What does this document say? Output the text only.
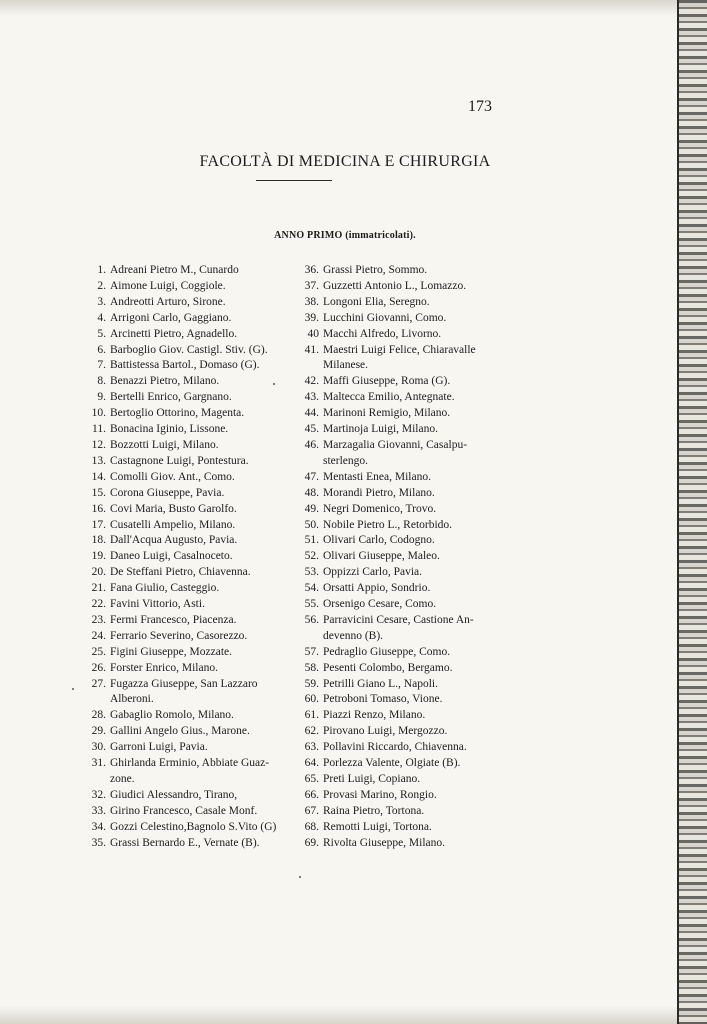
173
FACOLTÀ DI MEDICINA E CHIRURGIA
ANNO PRIMO (immatricolati).
1. Adreani Pietro M., Cunardo
2. Aimone Luigi, Coggiole.
3. Andreotti Arturo, Sirone.
4. Arrigoni Carlo, Gaggiano.
5. Arcinetti Pietro, Agnadello.
6. Barboglio Giov. Castigl. Stiv. (G).
7. Battistessa Bartol., Domaso (G).
8. Benazzi Pietro, Milano.
9. Bertelli Enrico, Gargnano.
10. Bertoglio Ottorino, Magenta.
11. Bonacina Iginio, Lissone.
12. Bozzotti Luigi, Milano.
13. Castagnone Luigi, Pontestura.
14. Comolli Giov. Ant., Como.
15. Corona Giuseppe, Pavia.
16. Covi Maria, Busto Garolfo.
17. Cusatelli Ampelio, Milano.
18. Dall'Acqua Augusto, Pavia.
19. Daneo Luigi, Casalnoceto.
20. De Steffani Pietro, Chiavenna.
21. Fana Giulio, Casteggio.
22. Favini Vittorio, Asti.
23. Fermi Francesco, Piacenza.
24. Ferrario Severino, Casorezzo.
25. Figini Giuseppe, Mozzate.
26. Forster Enrico, Milano.
27. Fugazza Giuseppe, San Lazzaro
Alberoni.
28. Gabaglio Romolo, Milano.
29. Gallini Angelo Gius., Marone.
30. Garroni Luigi, Pavia.
31. Ghirlanda Erminio, Abbiate Guaz-
zone.
32. Giudici Alessandro, Tirano,
33. Girino Francesco, Casale Monf.
34. Gozzi Celestino,Bagnolo S.Vito (G)
35. Grassi Bernardo E., Vernate (B).
36. Grassi Pietro, Sommo.
37. Guzzetti Antonio L., Lomazzo.
38. Longoni Elia, Seregno.
39. Lucchini Giovanni, Como.
40 Macchi Alfredo, Livorno.
41. Maestri Luigi Felice, Chiaravalle
Milanese.
42. Maffi Giuseppe, Roma (G).
43. Maltecca Emilio, Antegnate.
44. Marinoni Remigio, Milano.
45. Martinoja Luigi, Milano.
46. Marzagalia Giovanni, Casalpu-
sterlengo.
47. Mentasti Enea, Milano.
48. Morandi Pietro, Milano.
49. Negri Domenico, Trovo.
50. Nobile Pietro L., Retorbido.
51. Olivari Carlo, Codogno.
52. Olivari Giuseppe, Maleo.
53. Oppizzi Carlo, Pavia.
54. Orsatti Appio, Sondrio.
55. Orsenigo Cesare, Como.
56. Parravicini Cesare, Castione An-
devenno (B).
57. Pedraglio Giuseppe, Como.
58. Pesenti Colombo, Bergamo.
59. Petrilli Giano L., Napoli.
60. Petroboni Tomaso, Vione.
61. Piazzi Renzo, Milano.
62. Pirovano Luigi, Mergozzo.
63. Pollavini Riccardo, Chiavenna.
64. Porlezza Valente, Olgiate (B).
65. Preti Luigi, Copiano.
66. Provasi Marino, Rongio.
67. Raina Pietro, Tortona.
68. Remotti Luigi, Tortona.
69. Rivolta Giuseppe, Milano.
